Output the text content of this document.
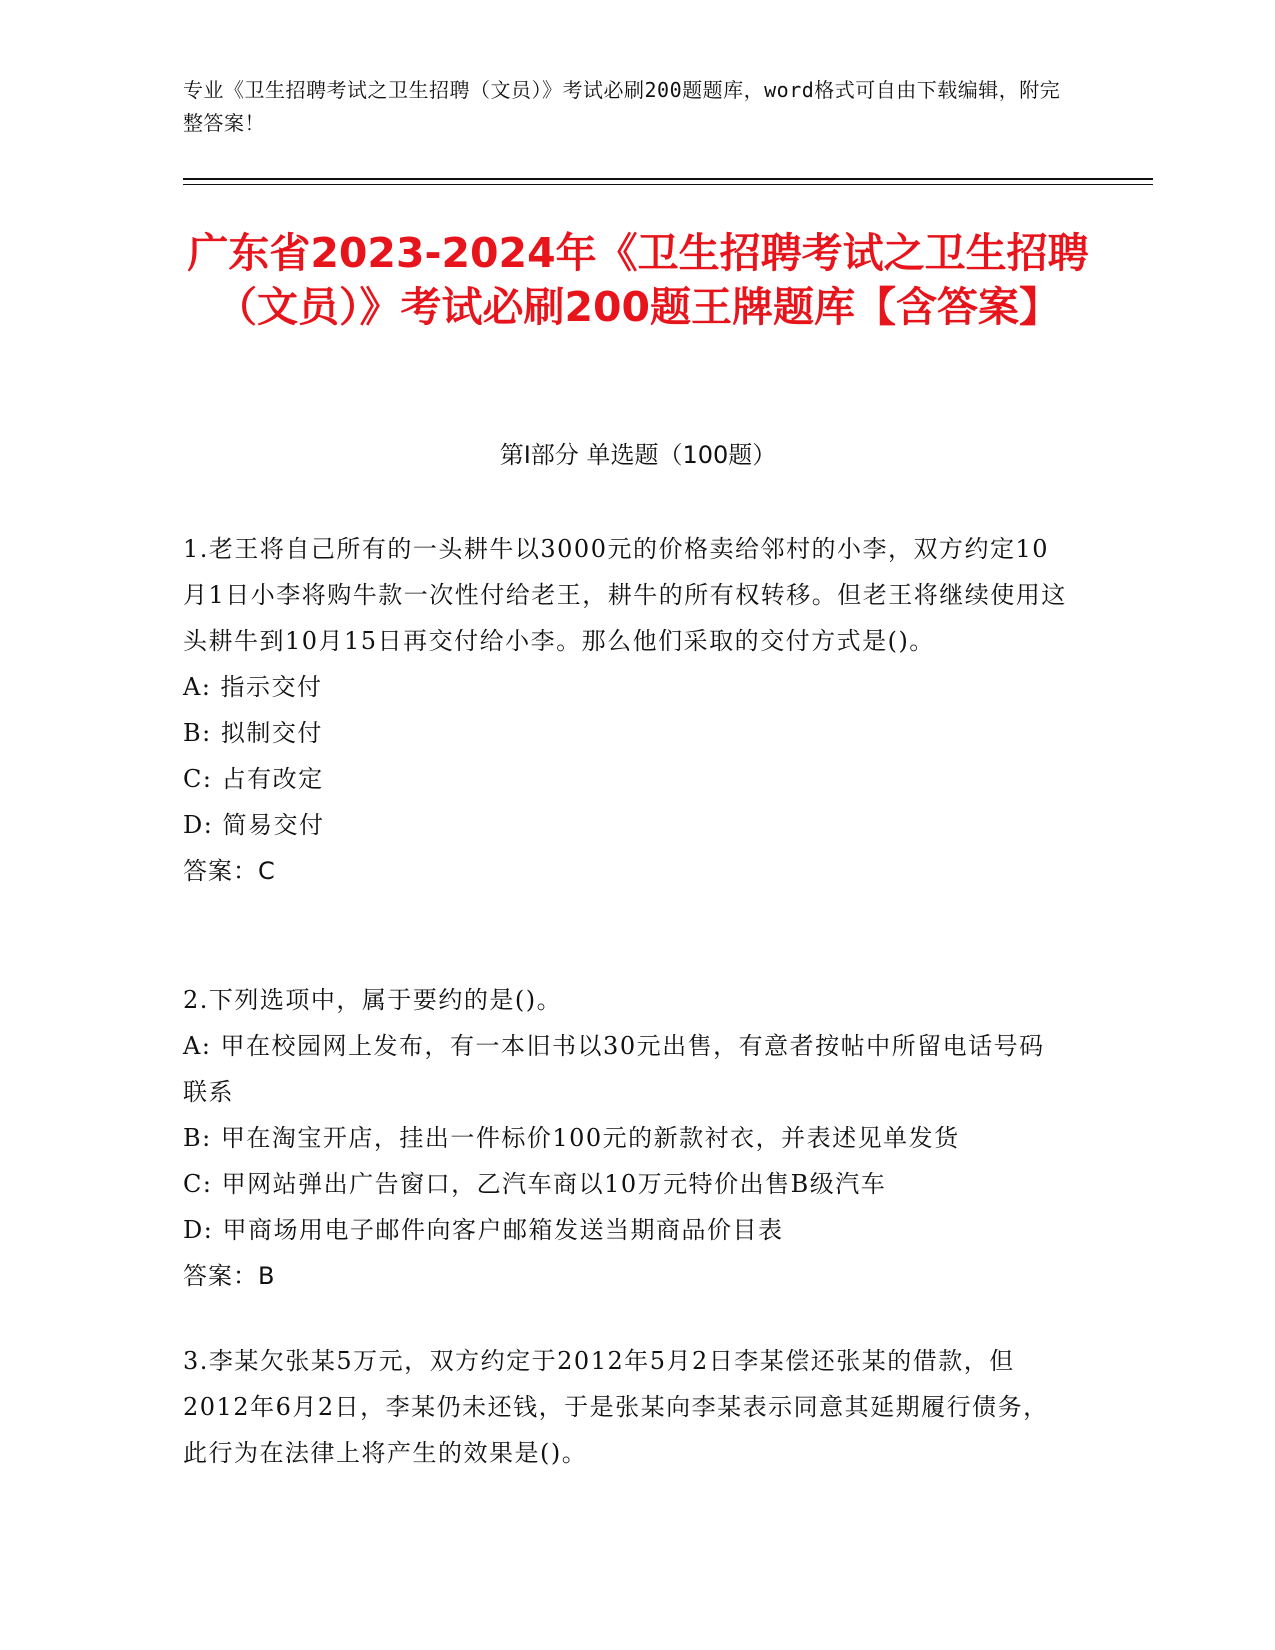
专业《卫生招聘考试之卫生招聘（文员）》考试必刷200题题库，word格式可自由下载编辑，附完整答案！
广东省2023-2024年《卫生招聘考试之卫生招聘（文员）》考试必刷200题王牌题库【含答案】
第I部分 单选题（100题）

1.老王将自己所有的一头耕牛以3000元的价格卖给邻村的小李，双方约定10月1日小李将购牛款一次性付给老王，耕牛的所有权转移。但老王将继续使用这头耕牛到10月15日再交付给小李。那么他们采取的交付方式是()。

A: 指示交付

B: 拟制交付

C: 占有改定

D: 简易交付

答案：C

2.下列选项中，属于要约的是()。

A: 甲在校园网上发布，有一本旧书以30元出售，有意者按帖中所留电话号码联系

B: 甲在淘宝开店，挂出一件标价100元的新款衬衣，并表述见单发货

C: 甲网站弹出广告窗口，乙汽车商以10万元特价出售B级汽车

D: 甲商场用电子邮件向客户邮箱发送当期商品价目表

答案：B

3.李某欠张某5万元，双方约定于2012年5月2日李某偿还张某的借款，但2012年6月2日，李某仍未还钱，于是张某向李某表示同意其延期履行债务，此行为在法律上将产生的效果是()。
